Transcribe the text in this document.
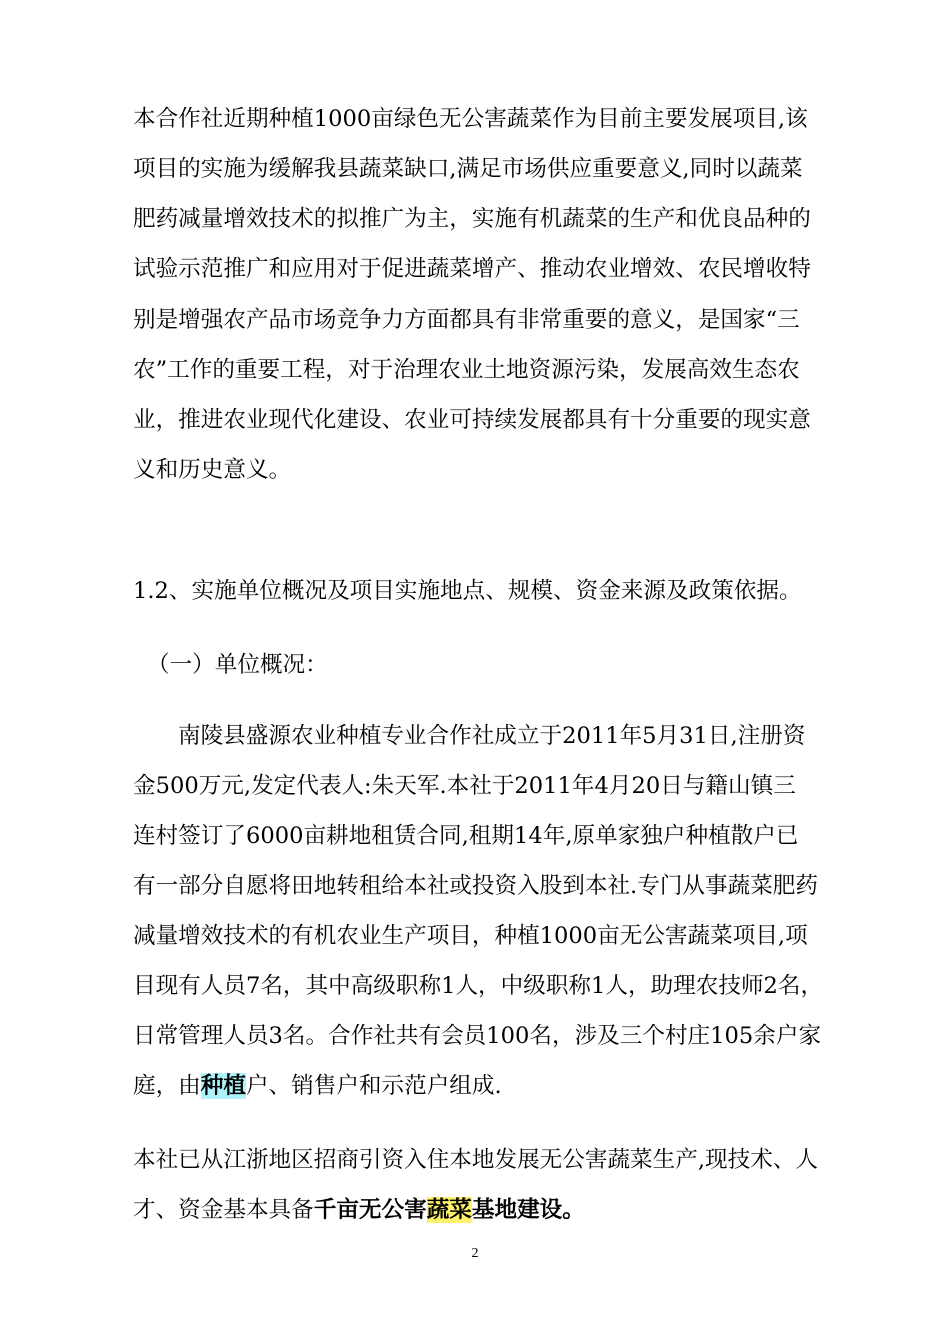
本合作社近期种植1000亩绿色无公害蔬菜作为目前主要发展项目,该
项目的实施为缓解我县蔬菜缺口,满足市场供应重要意义,同时以蔬菜
肥药减量增效技术的拟推广为主，实施有机蔬菜的生产和优良品种的
试验示范推广和应用对于促进蔬菜增产、推动农业增效、农民增收特
别是增强农产品市场竞争力方面都具有非常重要的意义，是国家“三
农”工作的重要工程，对于治理农业土地资源污染，发展高效生态农
业，推进农业现代化建设、农业可持续发展都具有十分重要的现实意
义和历史意义。
1.2、实施单位概况及项目实施地点、规模、资金来源及政策依据。
（一）单位概况：
南陵县盛源农业种植专业合作社成立于2011年5月31日,注册资
金500万元,发定代表人:朱天军.本社于2011年4月20日与籍山镇三
连村签订了6000亩耕地租赁合同,租期14年,原单家独户种植散户已
有一部分自愿将田地转租给本社或投资入股到本社.专门从事蔬菜肥药
减量增效技术的有机农业生产项目，种植1000亩无公害蔬菜项目,项
目现有人员7名，其中高级职称1人，中级职称1人，助理农技师2名，
日常管理人员3名。合作社共有会员100名，涉及三个村庄105余户家
庭，由种植户、销售户和示范户组成.
本社已从江浙地区招商引资入住本地发展无公害蔬菜生产,现技术、人
才、资金基本具备千亩无公害蔬菜基地建设。
2
